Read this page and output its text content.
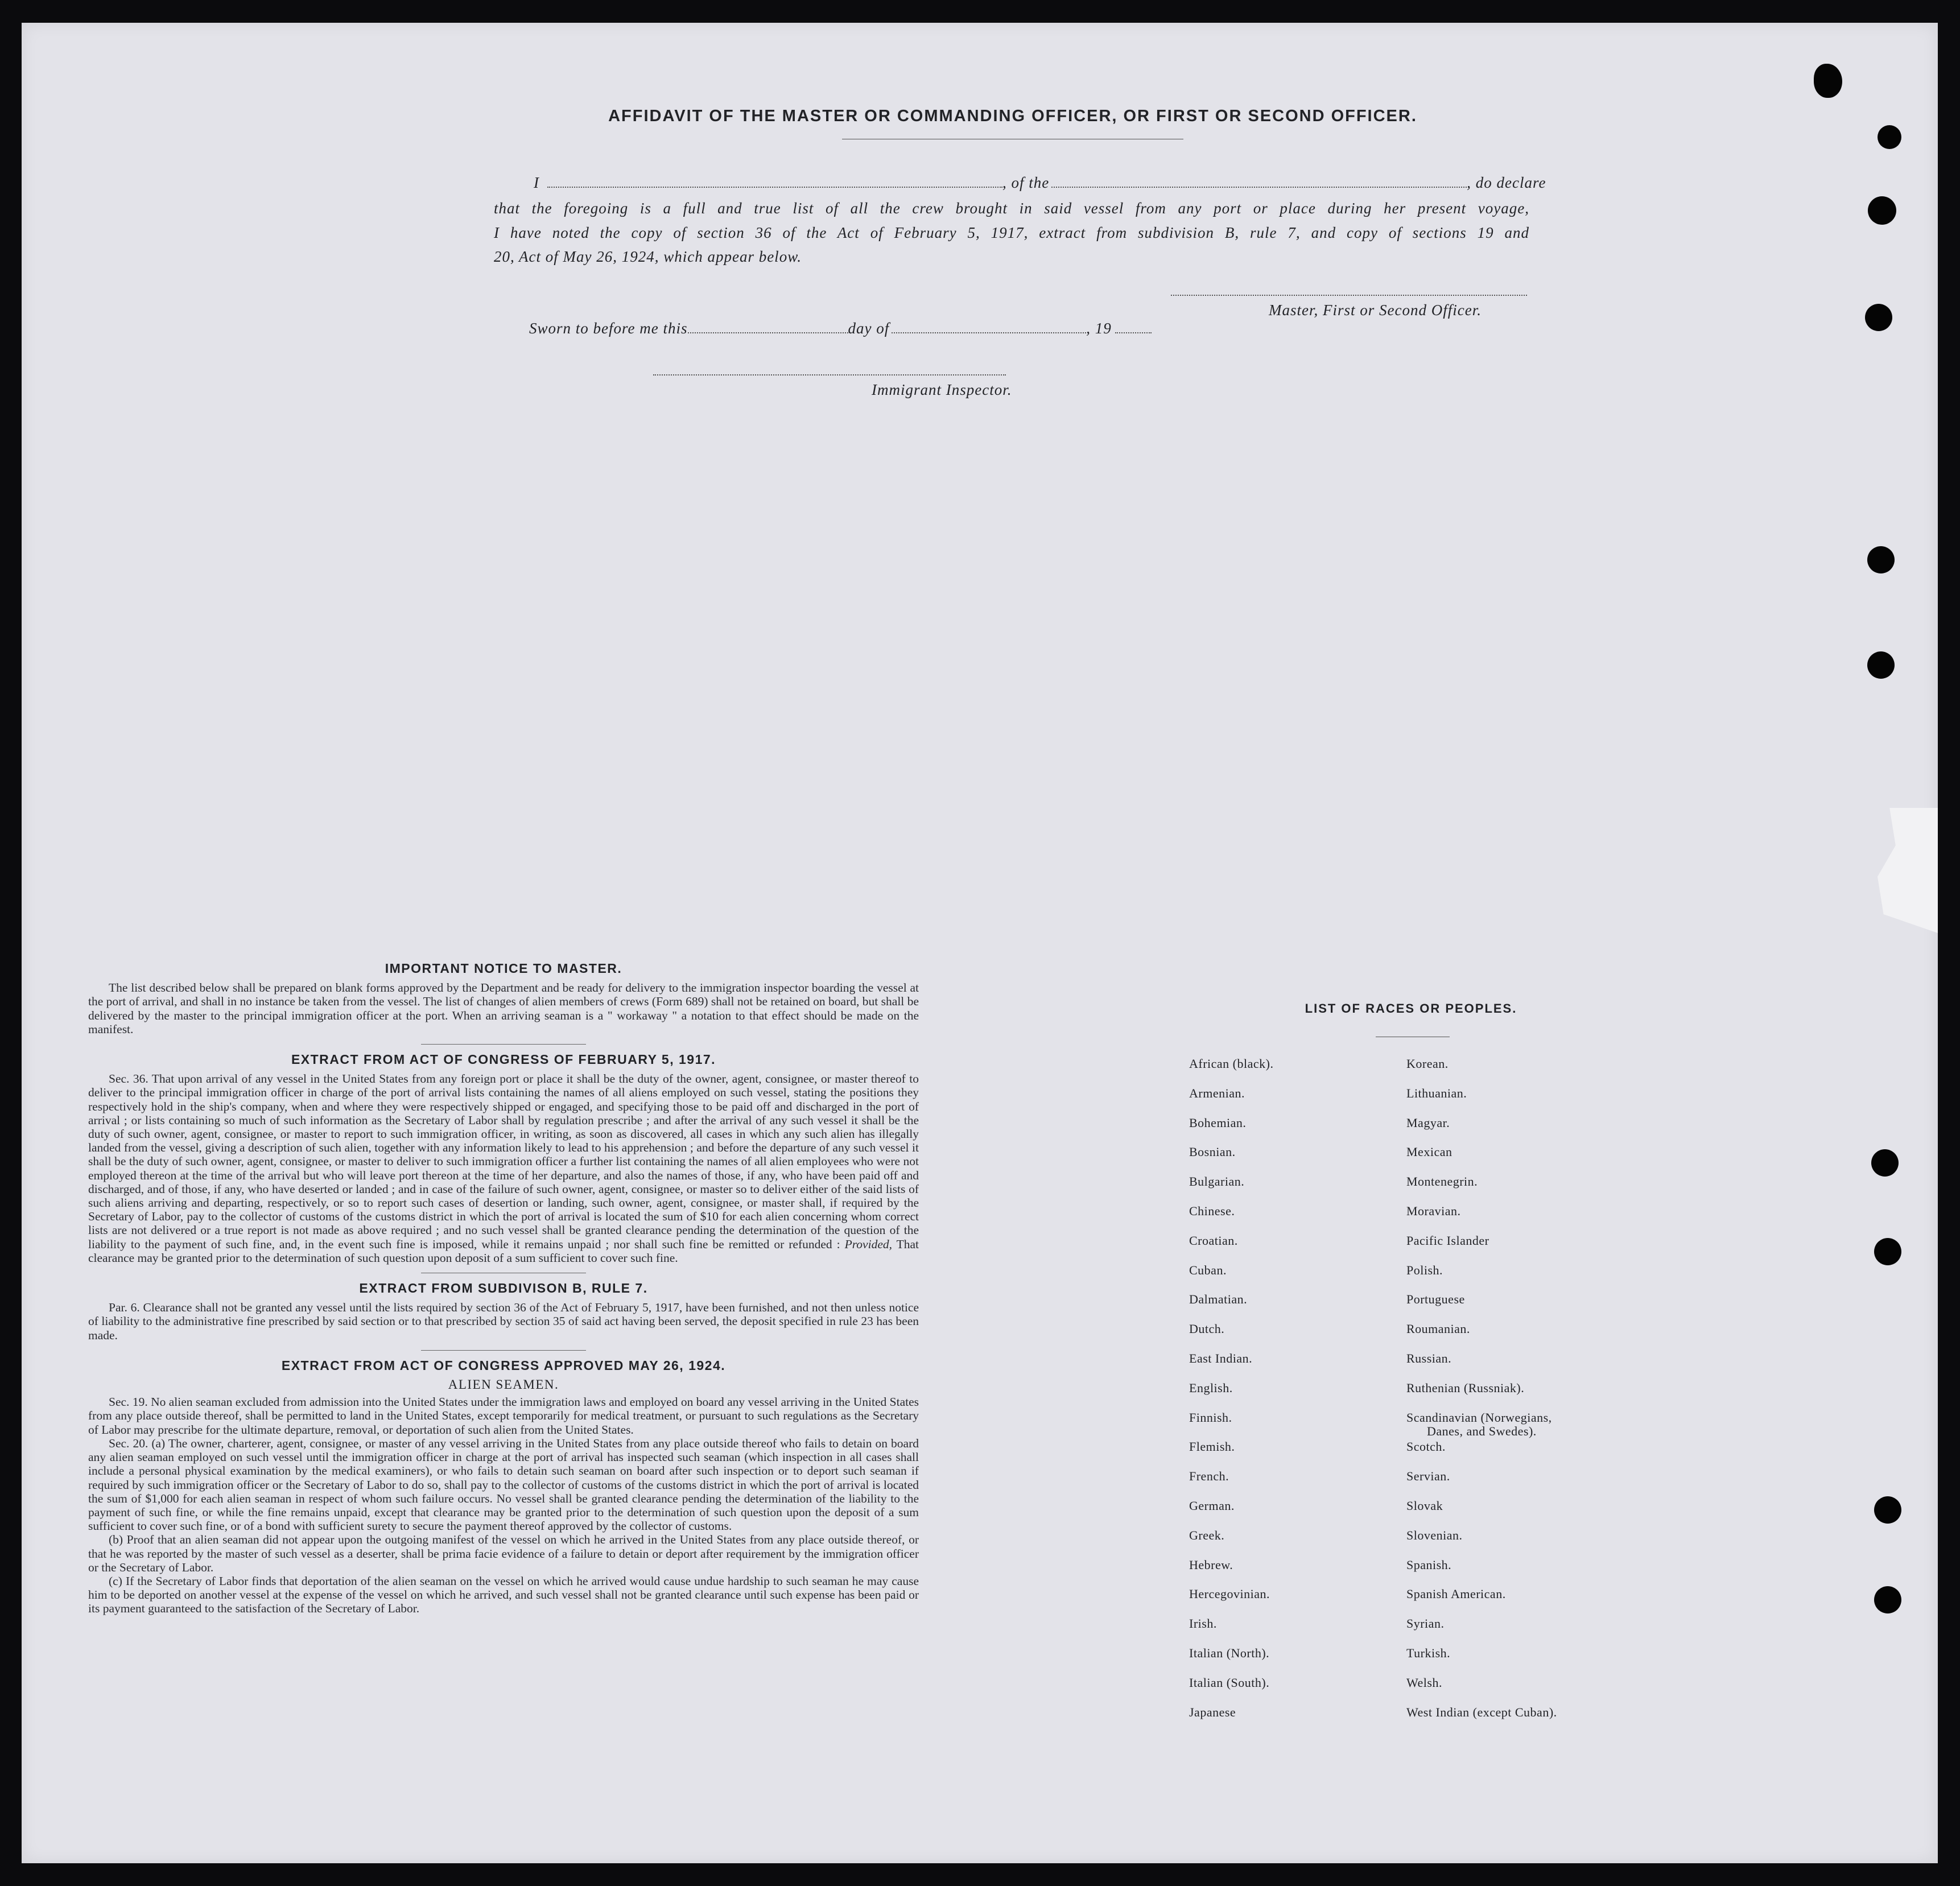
AFFIDAVIT OF THE MASTER OR COMMANDING OFFICER, OR FIRST OR SECOND OFFICER.
I	, of the	, do declare
that the foregoing is a full and true list of all the crew brought in said vessel from any port or place during her present voyage,
I have noted the copy of section 36 of the Act of February 5, 1917, extract from subdivision B, rule 7, and copy of sections 19 and
20, Act of May 26, 1924, which appear below.
Master, First or Second Officer.
Sworn to before me this	day of	, 19
Immigrant Inspector.
IMPORTANT NOTICE TO MASTER.

The list described below shall be prepared on blank forms approved by the Department and be ready for delivery to the immigration inspector boarding the vessel at the port of arrival, and shall in no instance be taken from the vessel. The list of changes of alien members of crews (Form 689) shall not be retained on board, but shall be delivered by the master to the principal immigration officer at the port. When an arriving seaman is a " workaway " a notation to that effect should be made on the manifest.

EXTRACT FROM ACT OF CONGRESS OF FEBRUARY 5, 1917.

Sec. 36. That upon arrival of any vessel in the United States from any foreign port or place it shall be the duty of the owner, agent, consignee, or master thereof to deliver to the principal immigration officer in charge of the port of arrival lists containing the names of all aliens employed on such vessel, stating the positions they respectively hold in the ship's company, when and where they were respectively shipped or engaged, and specifying those to be paid off and discharged in the port of arrival ; or lists containing so much of such information as the Secretary of Labor shall by regulation prescribe ; and after the arrival of any such vessel it shall be the duty of such owner, agent, consignee, or master to report to such immigration officer, in writing, as soon as discovered, all cases in which any such alien has illegally landed from the vessel, giving a description of such alien, together with any information likely to lead to his apprehension ; and before the departure of any such vessel it shall be the duty of such owner, agent, consignee, or master to deliver to such immigration officer a further list containing the names of all alien employees who were not employed thereon at the time of the arrival but who will leave port thereon at the time of her departure, and also the names of those, if any, who have been paid off and discharged, and of those, if any, who have deserted or landed ; and in case of the failure of such owner, agent, consignee, or master so to deliver either of the said lists of such aliens arriving and departing, respectively, or so to report such cases of desertion or landing, such owner, agent, consignee, or master shall, if required by the Secretary of Labor, pay to the collector of customs of the customs district in which the port of arrival is located the sum of $10 for each alien concerning whom correct lists are not delivered or a true report is not made as above required ; and no such vessel shall be granted clearance pending the determination of the question of the liability to the payment of such fine, and, in the event such fine is imposed, while it remains unpaid ; nor shall such fine be remitted or refunded : Provided, That clearance may be granted prior to the determination of such question upon deposit of a sum sufficient to cover such fine.

EXTRACT FROM SUBDIVISON B, RULE 7.

Par. 6. Clearance shall not be granted any vessel until the lists required by section 36 of the Act of February 5, 1917, have been furnished, and not then unless notice of liability to the administrative fine prescribed by said section or to that prescribed by section 35 of said act having been served, the deposit specified in rule 23 has been made.

EXTRACT FROM ACT OF CONGRESS APPROVED MAY 26, 1924.
ALIEN SEAMEN.

Sec. 19. No alien seaman excluded from admission into the United States under the immigration laws and employed on board any vessel arriving in the United States from any place outside thereof, shall be permitted to land in the United States, except temporarily for medical treatment, or pursuant to such regulations as the Secretary of Labor may prescribe for the ultimate departure, removal, or deportation of such alien from the United States.

Sec. 20. (a) The owner, charterer, agent, consignee, or master of any vessel arriving in the United States from any place outside thereof who fails to detain on board any alien seaman employed on such vessel until the immigration officer in charge at the port of arrival has inspected such seaman (which inspection in all cases shall include a personal physical examination by the medical examiners), or who fails to detain such seaman on board after such inspection or to deport such seaman if required by such immigration officer or the Secretary of Labor to do so, shall pay to the collector of customs of the customs district in which the port of arrival is located the sum of $1,000 for each alien seaman in respect of whom such failure occurs. No vessel shall be granted clearance pending the determination of the liability to the payment of such fine, or while the fine remains unpaid, except that clearance may be granted prior to the determination of such question upon the deposit of a sum sufficient to cover such fine, or of a bond with sufficient surety to secure the payment thereof approved by the collector of customs.

(b) Proof that an alien seaman did not appear upon the outgoing manifest of the vessel on which he arrived in the United States from any place outside thereof, or that he was reported by the master of such vessel as a deserter, shall be prima facie evidence of a failure to detain or deport after requirement by the immigration officer or the Secretary of Labor.

(c) If the Secretary of Labor finds that deportation of the alien seaman on the vessel on which he arrived would cause undue hardship to such seaman he may cause him to be deported on another vessel at the expense of the vessel on which he arrived, and such vessel shall not be granted clearance until such expense has been paid or its payment guaranteed to the satisfaction of the Secretary of Labor.

LIST OF RACES OR PEOPLES.
African (black).
Armenian.
Bohemian.
Bosnian.
Bulgarian.
Chinese.
Croatian.
Cuban.
Dalmatian.
Dutch.
East Indian.
English.
Finnish.
Flemish.
French.
German.
Greek.
Hebrew.
Hercegovinian.
Irish.
Italian (North).
Italian (South).
Japanese
Korean.
Lithuanian.
Magyar.
Mexican
Montenegrin.
Moravian.
Pacific Islander
Polish.
Portuguese
Roumanian.
Russian.
Ruthenian (Russniak).
Scandinavian (Norwegians,
Danes, and Swedes).
Scotch.
Servian.
Slovak
Slovenian.
Spanish.
Spanish American.
Syrian.
Turkish.
Welsh.
West Indian (except Cuban).
